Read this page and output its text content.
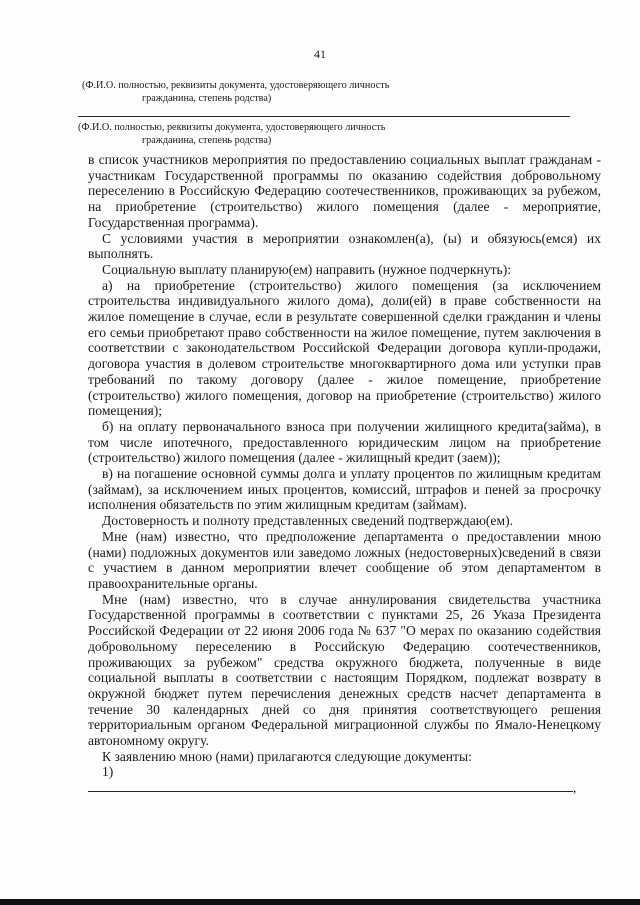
41
(Ф.И.О. полностью, реквизиты документа, удостоверяющего личность
гражданина, степень родства)
(Ф.И.О. полностью, реквизиты документа, удостоверяющего личность
гражданина, степень родства)

в список участников мероприятия по предоставлению социальных выплат гражданам - участникам Государственной программы по оказанию содействия добровольному переселению в Российскую Федерацию соотечественников, проживающих за рубежом, на приобретение (строительство) жилого помещения (далее - мероприятие, Государственная программа).

С условиями участия в мероприятии ознакомлен(а), (ы) и обязуюсь(емся) их выполнять.

Социальную выплату планирую(ем) направить (нужное подчеркнуть):

а) на приобретение (строительство) жилого помещения (за исключением строительства индивидуального жилого дома), доли(ей) в праве собственности на жилое помещение в случае, если в результате совершенной сделки гражданин и члены его семьи приобретают право собственности на жилое помещение, путем заключения в соответствии с законодательством Российской Федерации договора купли-продажи, договора участия в долевом строительстве многоквартирного дома или уступки прав требований по такому договору (далее - жилое помещение, приобретение (строительство) жилого помещения, договор на приобретение (строительство) жилого помещения);

б) на оплату первоначального взноса при получении жилищного кредита(займа), в том числе ипотечного, предоставленного юридическим лицом на приобретение (строительство) жилого помещения (далее - жилищный кредит (заем));

в) на погашение основной суммы долга и уплату процентов по жилищным кредитам (займам), за исключением иных процентов, комиссий, штрафов и пеней за просрочку исполнения обязательств по этим жилищным кредитам (займам).

Достоверность и полноту представленных сведений подтверждаю(ем).

Мне (нам) известно, что предположение департамента о предоставлении мною (нами) подложных документов или заведомо ложных (недостоверных)сведений в связи с участием в данном мероприятии влечет сообщение об этом департаментом в правоохранительные органы.

Мне (нам) известно, что в случае аннулирования свидетельства участника Государственной программы в соответствии с пунктами 25, 26 Указа Президента Российской Федерации от 22 июня 2006 года № 637 "О мерах по оказанию содействия добровольному переселению в Российскую Федерацию соотечественников, проживающих за рубежом" средства окружного бюджета, полученные в виде социальной выплаты в соответствии с настоящим Порядком, подлежат возврату в окружной бюджет путем перечисления денежных средств насчет департамента в течение 30 календарных дней со дня принятия соответствующего решения территориальным органом Федеральной миграционной службы по Ямало-Ненецкому автономному округу.

К заявлению мною (нами) прилагаются следующие документы:

1) ,
